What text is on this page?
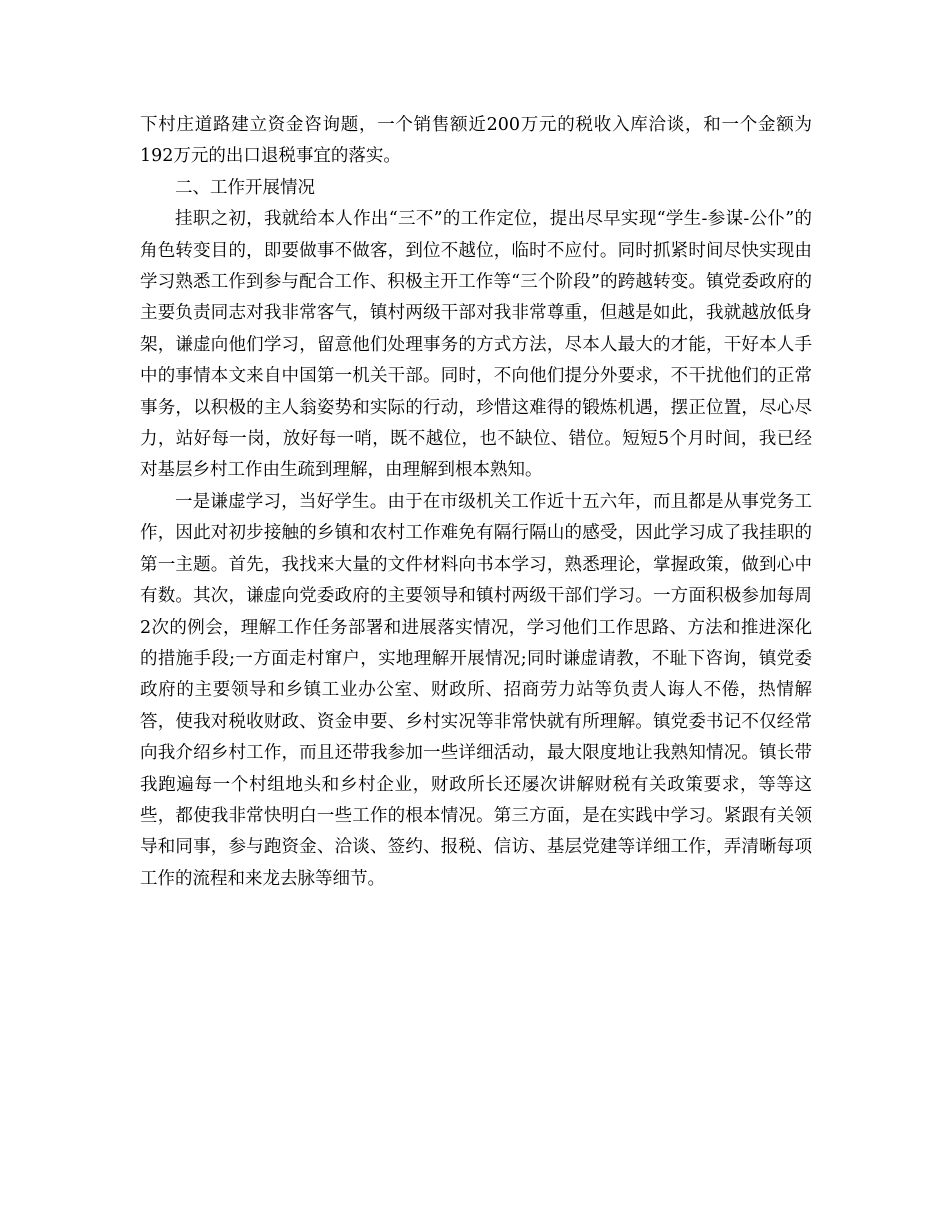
下村庄道路建立资金咨询题，一个销售额近200万元的税收入库洽谈，和一个金额为192万元的出口退税事宜的落实。

二、工作开展情况

挂职之初，我就给本人作出“三不”的工作定位，提出尽早实现“学生-参谋-公仆”的角色转变目的，即要做事不做客，到位不越位，临时不应付。同时抓紧时间尽快实现由学习熟悉工作到参与配合工作、积极主开工作等“三个阶段”的跨越转变。镇党委政府的主要负责同志对我非常客气，镇村两级干部对我非常尊重，但越是如此，我就越放低身架，谦虚向他们学习，留意他们处理事务的方式方法，尽本人最大的才能，干好本人手中的事情本文来自中国第一机关干部。同时，不向他们提分外要求，不干扰他们的正常事务，以积极的主人翁姿势和实际的行动，珍惜这难得的锻炼机遇，摆正位置，尽心尽力，站好每一岗，放好每一哨，既不越位，也不缺位、错位。短短5个月时间，我已经对基层乡村工作由生疏到理解，由理解到根本熟知。

一是谦虚学习，当好学生。由于在市级机关工作近十五六年，而且都是从事党务工作，因此对初步接触的乡镇和农村工作难免有隔行隔山的感受，因此学习成了我挂职的第一主题。首先，我找来大量的文件材料向书本学习，熟悉理论，掌握政策，做到心中有数。其次，谦虚向党委政府的主要领导和镇村两级干部们学习。一方面积极参加每周2次的例会，理解工作任务部署和进展落实情况，学习他们工作思路、方法和推进深化的措施手段;一方面走村窜户，实地理解开展情况;同时谦虚请教，不耻下咨询，镇党委政府的主要领导和乡镇工业办公室、财政所、招商劳力站等负责人诲人不倦，热情解答，使我对税收财政、资金申要、乡村实况等非常快就有所理解。镇党委书记不仅经常向我介绍乡村工作，而且还带我参加一些详细活动，最大限度地让我熟知情况。镇长带我跑遍每一个村组地头和乡村企业，财政所长还屡次讲解财税有关政策要求，等等这些，都使我非常快明白一些工作的根本情况。第三方面，是在实践中学习。紧跟有关领导和同事，参与跑资金、洽谈、签约、报税、信访、基层党建等详细工作，弄清晰每项工作的流程和来龙去脉等细节。
